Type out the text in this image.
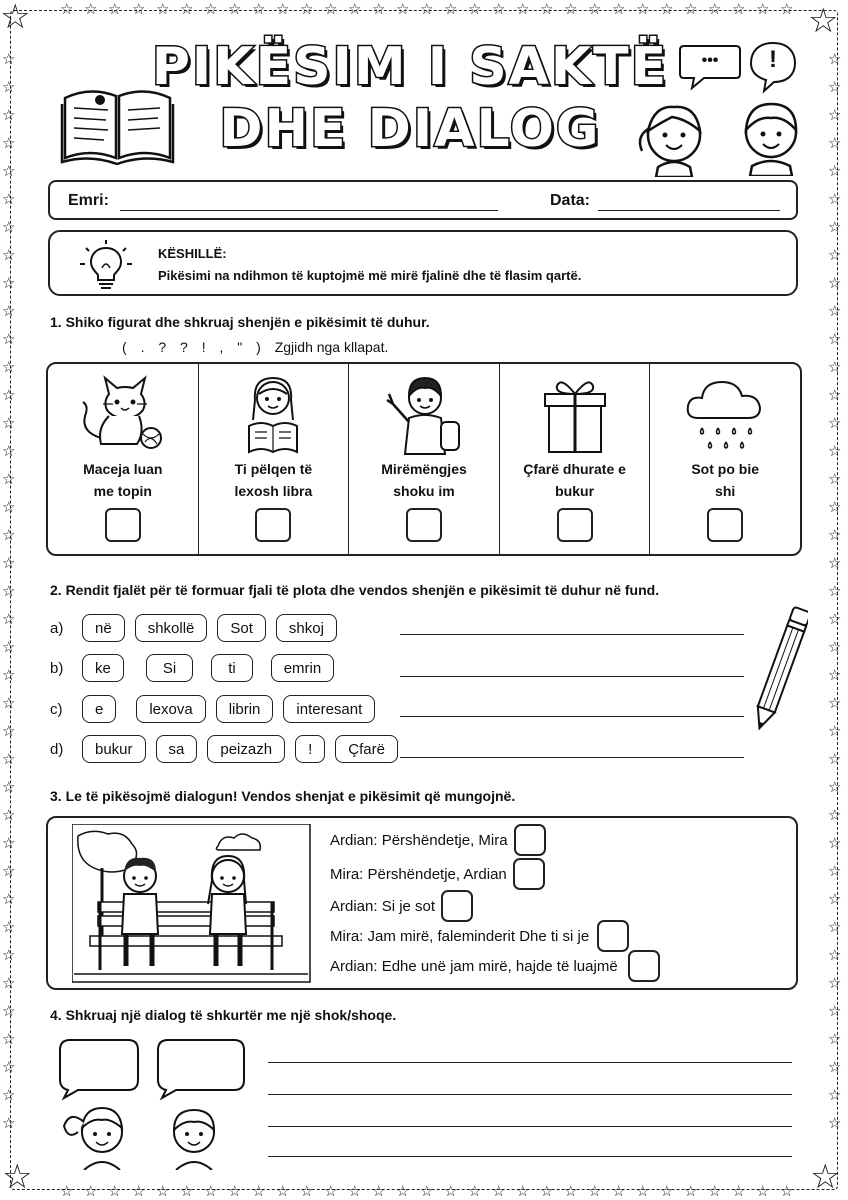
☆	☆
☆	☆
☆
☆
☆
☆
☆
☆
☆
☆
☆
☆
☆
☆
☆
☆
☆
☆
☆
☆
☆
☆
☆
☆
☆
☆
☆
☆
☆
☆
☆
☆
☆
☆
☆
☆
☆
☆
☆
☆
☆
☆
☆
☆
☆
☆
☆
☆
☆
☆
☆
☆
☆
☆
☆
☆
☆
☆
☆
☆
☆
☆
☆
☆
☆	☆
☆	☆
☆	☆
☆	☆
☆	☆
☆	☆
☆	☆
☆	☆
☆	☆
☆	☆
☆	☆
☆	☆
☆	☆
☆	☆
☆	☆
☆	☆
☆	☆
☆	☆
☆	☆
☆	☆
☆	☆
☆	☆
☆	☆
☆	☆
☆	☆
☆	☆
☆	☆
☆	☆
☆	☆
☆	☆
☆	☆
☆	☆
☆	☆
☆	☆
☆	☆
☆	☆
☆	☆
☆	☆
☆	☆
PIKËSIM I SAKTË
DHE DIALOG
•••	!
Emri:	Data:
KËSHILLË:
Pikësimi na ndihmon të kuptojmë më mirë fjalinë dhe të flasim qartë.
1. Shiko figurat dhe shkruaj shenjën e pikësimit të duhur.
( . ? ? ! , " ) Zgjidh nga kllapat.
Maceja luan
me topin
Ti pëlqen të
lexosh libra
Mirëmëngjes
shoku im
Çfarë dhurate e
bukur
Sot po bie
shi
2. Rendit fjalët për të formuar fjali të plota dhe vendos shenjën e pikësimit të duhur në fund.
a)	në	shkollë	Sot	shkoj
b)	ke	Si	ti	emrin
c)	e	lexova	librin	interesant
d)	bukur	sa	peizazh	!	Çfarë
3. Le të pikësojmë dialogun! Vendos shenjat e pikësimit që mungojnë.
Ardian: Përshëndetje, Mira
Mira: Përshëndetje, Ardian
Ardian: Si je sot
Mira: Jam mirë, faleminderit Dhe ti si je
Ardian: Edhe unë jam mirë, hajde të luajmë
4. Shkruaj një dialog të shkurtër me një shok/shoqe.
